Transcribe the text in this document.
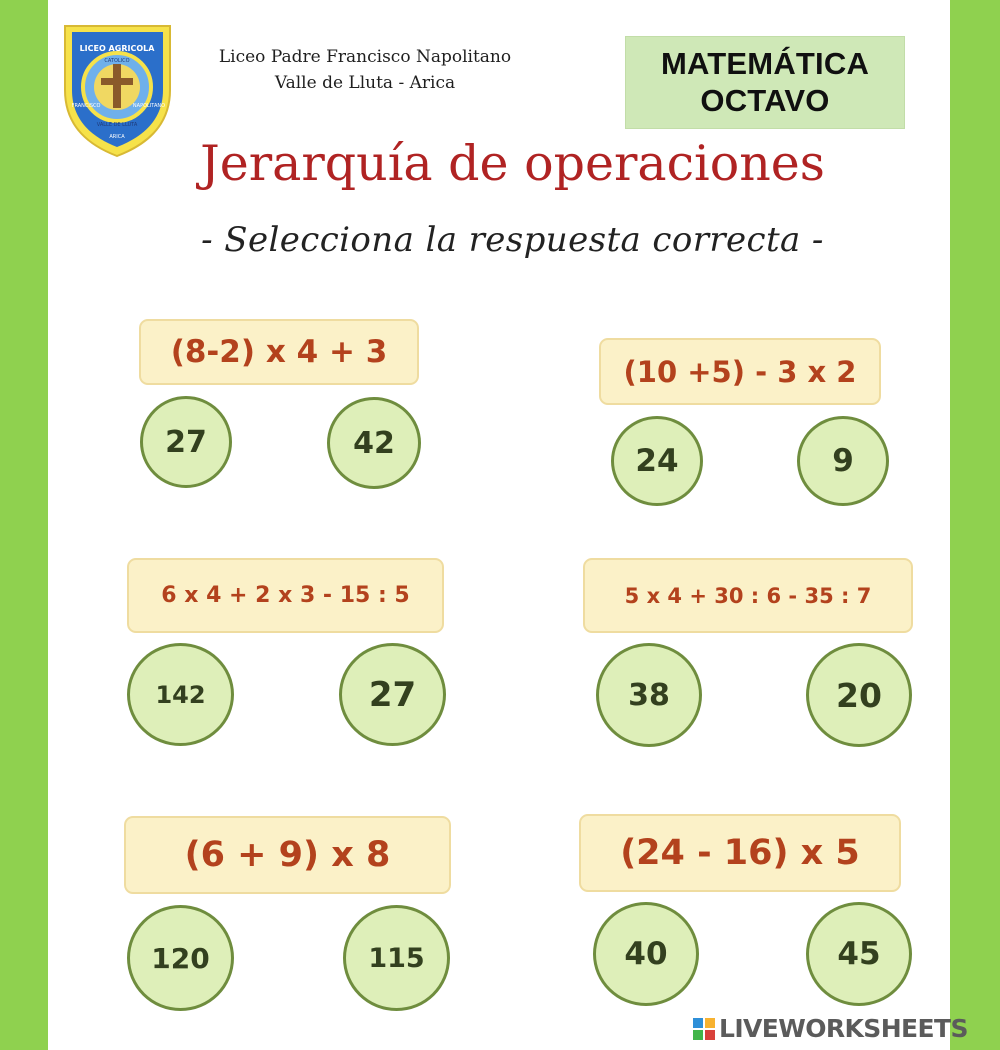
LICEO AGRICOLA
CATOLICO
FRANCISCO	NAPOLITANO
VALLE DE LLUTA
ARICA
Liceo Padre Francisco Napolitano
Valle de Lluta - Arica
MATEMÁTICA
OCTAVO
Jerarquía de operaciones
- Selecciona la respuesta correcta -
(8-2) x 4 + 3
27	42
(10 +5) - 3 x 2
24	9
6 x 4 + 2 x 3 - 15 : 5
142	27
5 x 4 + 30 : 6 - 35 : 7
38	20
(6 + 9) x 8
120	115
(24 - 16) x 5
40	45
LIVEWORKSHEETS
